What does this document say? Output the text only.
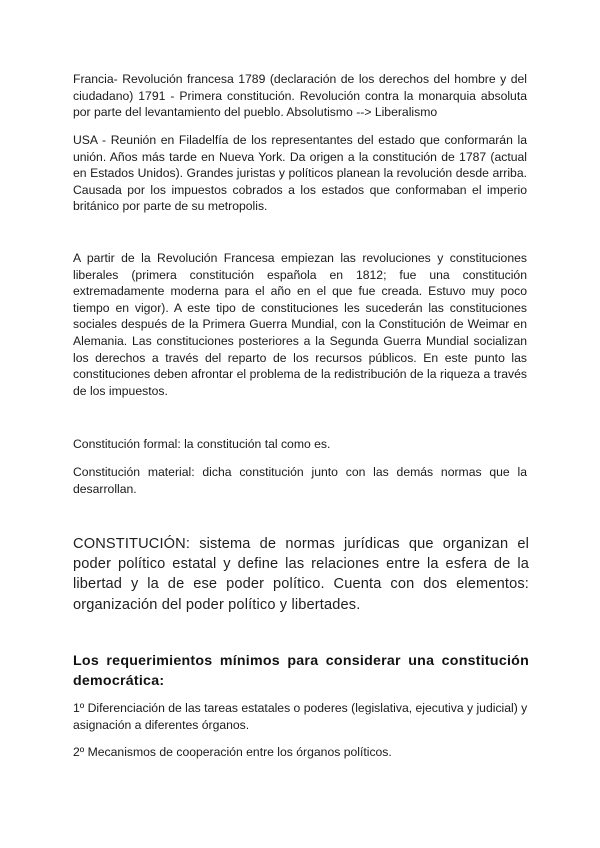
Francia- Revolución francesa 1789 (declaración de los derechos del hombre y del ciudadano) 1791 - Primera constitución. Revolución contra la monarquia absoluta por parte del levantamiento del pueblo. Absolutismo --> Liberalismo

USA - Reunión en Filadelfía de los representantes del estado que conformarán la unión. Años más tarde en Nueva York. Da origen a la constitución de 1787 (actual en Estados Unidos). Grandes juristas y políticos planean la revolución desde arriba. Causada por los impuestos cobrados a los estados que conformaban el imperio británico por parte de su metropolis.

A partir de la Revolución Francesa empiezan las revoluciones y constituciones liberales (primera constitución española en 1812; fue una constitución extremadamente moderna para el año en el que fue creada. Estuvo muy poco tiempo en vigor). A este tipo de constituciones les sucederán las constituciones sociales después de la Primera Guerra Mundial, con la Constitución de Weimar en Alemania. Las constituciones posteriores a la Segunda Guerra Mundial socializan los derechos a través del reparto de los recursos públicos. En este punto las constituciones deben afrontar el problema de la redistribución de la riqueza a través de los impuestos.

Constitución formal: la constitución tal como es.

Constitución material: dicha constitución junto con las demás normas que la desarrollan.

CONSTITUCIÓN: sistema de normas jurídicas que organizan el poder político estatal y define las relaciones entre la esfera de la libertad y la de ese poder político. Cuenta con dos elementos: organización del poder político y libertades.

Los requerimientos mínimos para considerar una constitución democrática:

1º Diferenciación de las tareas estatales o poderes (legislativa, ejecutiva y judicial) y asignación a diferentes órganos.

2º Mecanismos de cooperación entre los órganos políticos.
